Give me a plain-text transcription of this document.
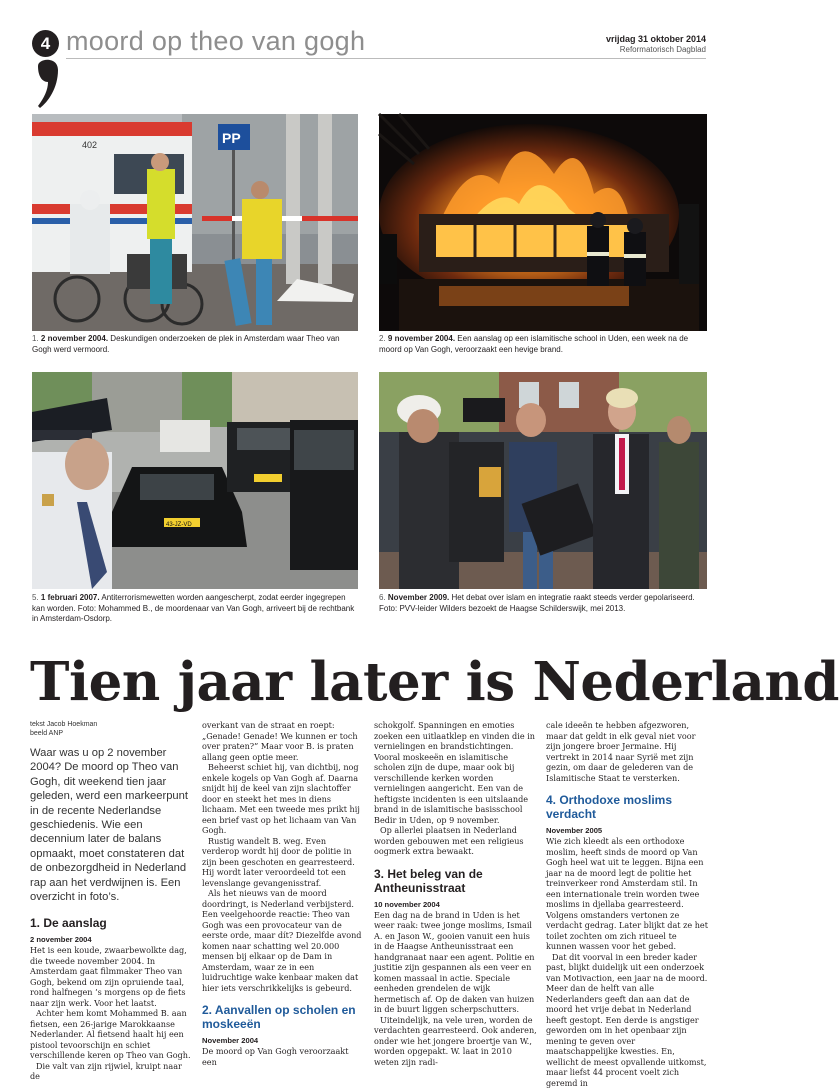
4 moord op theo van gogh	vrijdag 31 oktober 2014
Reformatorisch Dagblad
402	PP
1. 2 november 2004. Deskundigen onderzoeken de plek in Amsterdam waar Theo van Gogh werd vermoord.
2. 9 november 2004. Een aanslag op een islamitische school in Uden, een week na de moord op Van Gogh, veroorzaakt een hevige brand.
43-JZ-VD
5. 1 februari 2007. Antiterrorismewetten worden aangescherpt, zodat eerder ingegrepen kan worden. Foto: Mohammed B., de moordenaar van Van Gogh, arriveert bij de rechtbank in Amsterdam-Osdorp.
6. November 2009. Het debat over islam en integratie raakt steeds verder gepolariseerd. Foto: PVV-leider Wilders bezoekt de Haagse Schilderswijk, mei 2013.
Tien jaar later is Nederland
tekst Jacob Hoekman
beeld ANP
Waar was u op 2 november 2004? De moord op Theo van Gogh, dit weekend tien jaar geleden, werd een markeerpunt in de recente Nederlandse geschiedenis. Wie een decennium later de balans opmaakt, moet constateren dat de onbezorgdheid in Nederland rap aan het verdwijnen is. Een overzicht in foto’s.
1. De aanslag
2 november 2004

Het is een koude, zwaarbewolkte dag, die tweede november 2004. In Amsterdam gaat filmmaker Theo van Gogh, bekend om zijn opruiende taal, rond halfnegen ’s morgens op de fiets naar zijn werk. Voor het laatst.

Achter hem komt Mohammed B. aan fietsen, een 26-jarige Marokkaanse Nederlander. Al fietsend haalt hij een pistool tevoorschijn en schiet verschillende keren op Theo van Gogh.

Die valt van zijn rijwiel, kruipt naar de

overkant van de straat en roept: „Genade! Genade! We kunnen er toch over praten?” Maar voor B. is praten allang geen optie meer.

Beheerst schiet hij, van dichtbij, nog enkele kogels op Van Gogh af. Daarna snijdt hij de keel van zijn slachtoffer door en steekt het mes in diens lichaam. Met een tweede mes prikt hij een brief vast op het lichaam van Van Gogh.

Rustig wandelt B. weg. Even verderop wordt hij door de politie in zijn been geschoten en gearresteerd. Hij wordt later veroordeeld tot een levenslange gevangenisstraf.

Als het nieuws van de moord doordringt, is Nederland verbijsterd. Een veelgehoorde reactie: Theo van Gogh was een provocateur van de eerste orde, maar dít? Diezelfde avond komen naar schatting wel 20.000 mensen bij elkaar op de Dam in Amsterdam, waar ze in een luidruchtige wake kenbaar maken dat hier iets verschrikkelijks is gebeurd.

2. Aanvallen op scholen en moskeeën
November 2004

De moord op Van Gogh veroorzaakt een

schokgolf. Spanningen en emoties zoeken een uitlaatklep en vinden die in vernielingen en brandstichtingen. Vooral moskeeën en islamitische scholen zijn de dupe, maar ook bij verschillende kerken worden vernielingen aangericht. Een van de heftigste incidenten is een uitslaande brand in de islamitische basisschool Bedir in Uden, op 9 november.

Op allerlei plaatsen in Nederland worden gebouwen met een religieus oogmerk extra bewaakt.

3. Het beleg van de Antheunisstraat
10 november 2004

Een dag na de brand in Uden is het weer raak: twee jonge moslims, Ismail A. en Jason W., gooien vanuit een huis in de Haagse Antheunisstraat een handgranaat naar een agent. Politie en justitie zijn gespannen als een veer en komen massaal in actie. Speciale eenheden grendelen de wijk hermetisch af. Op de daken van huizen in de buurt liggen scherpschutters.

Uiteindelijk, na vele uren, worden de verdachten gearresteerd. Ook anderen, onder wie het jongere broertje van W., worden opgepakt. W. laat in 2010 weten zijn radi-

cale ideeën te hebben afgezworen, maar dat geldt in elk geval niet voor zijn jongere broer Jermaine. Hij vertrekt in 2014 naar Syrië met zijn gezin, om daar de gelederen van de Islamitische Staat te versterken.

4. Orthodoxe moslims verdacht
November 2005

Wie zich kleedt als een orthodoxe moslim, heeft sinds de moord op Van Gogh heel wat uit te leggen. Bijna een jaar na de moord legt de politie het treinverkeer rond Amsterdam stil. In een internationale trein worden twee moslims in djellaba gearresteerd. Volgens omstanders vertonen ze verdacht gedrag. Later blijkt dat ze het toilet zochten om zich ritueel te kunnen wassen voor het gebed.

Dat dit voorval in een breder kader past, blijkt duidelijk uit een onderzoek van Motivaction, een jaar na de moord. Meer dan de helft van alle Nederlanders geeft dan aan dat de moord het vrije debat in Nederland heeft gestopt. Een derde is angstiger geworden om in het openbaar zijn mening te geven over maatschappelijke kwesties. En, wellicht de meest opvallende uitkomst, maar liefst 44 procent voelt zich geremd in
